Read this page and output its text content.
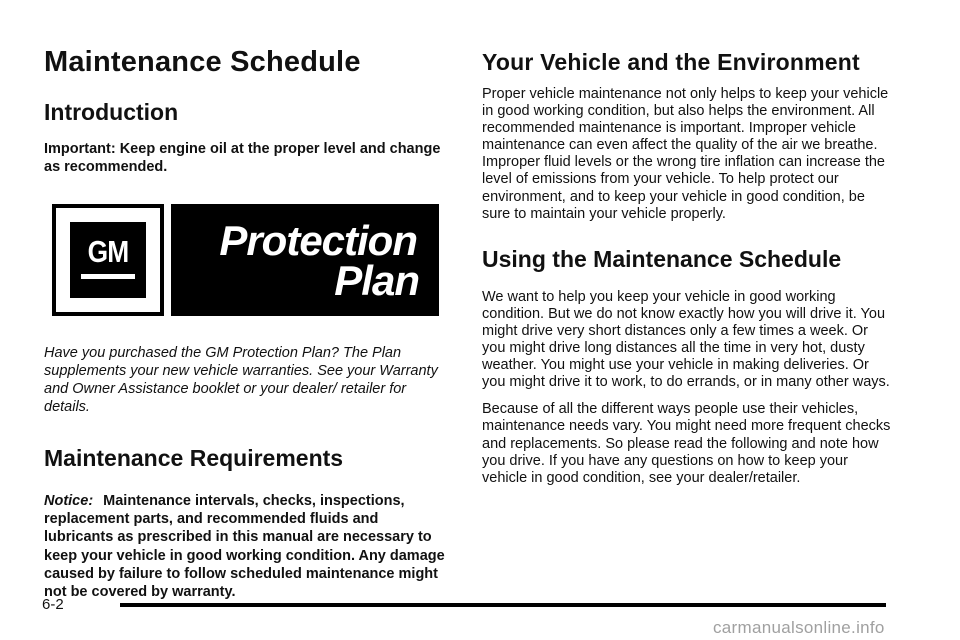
Maintenance Schedule
Introduction

Important: Keep engine oil at the proper level and change as recommended.

GM Protection
Plan

Have you purchased the GM Protection Plan? The Plan supplements your new vehicle warranties. See your Warranty and Owner Assistance booklet or your dealer/ retailer for details.

Maintenance Requirements

Notice: Maintenance intervals, checks, inspections, replacement parts, and recommended fluids and lubricants as prescribed in this manual are necessary to keep your vehicle in good working condition. Any damage caused by failure to follow scheduled maintenance might not be covered by warranty.

Your Vehicle and the Environment

Proper vehicle maintenance not only helps to keep your vehicle in good working condition, but also helps the environment. All recommended maintenance is important. Improper vehicle maintenance can even affect the quality of the air we breathe. Improper fluid levels or the wrong tire inflation can increase the level of emissions from your vehicle. To help protect our environment, and to keep your vehicle in good condition, be sure to maintain your vehicle properly.

Using the Maintenance Schedule

We want to help you keep your vehicle in good working condition. But we do not know exactly how you will drive it. You might drive very short distances only a few times a week. Or you might drive long distances all the time in very hot, dusty weather. You might use your vehicle in making deliveries. Or you might drive it to work, to do errands, or in many other ways.

Because of all the different ways people use their vehicles, maintenance needs vary. You might need more frequent checks and replacements. So please read the following and note how you drive. If you have any questions on how to keep your vehicle in good condition, see your dealer/retailer.

6-2
carmanualsonline.info
